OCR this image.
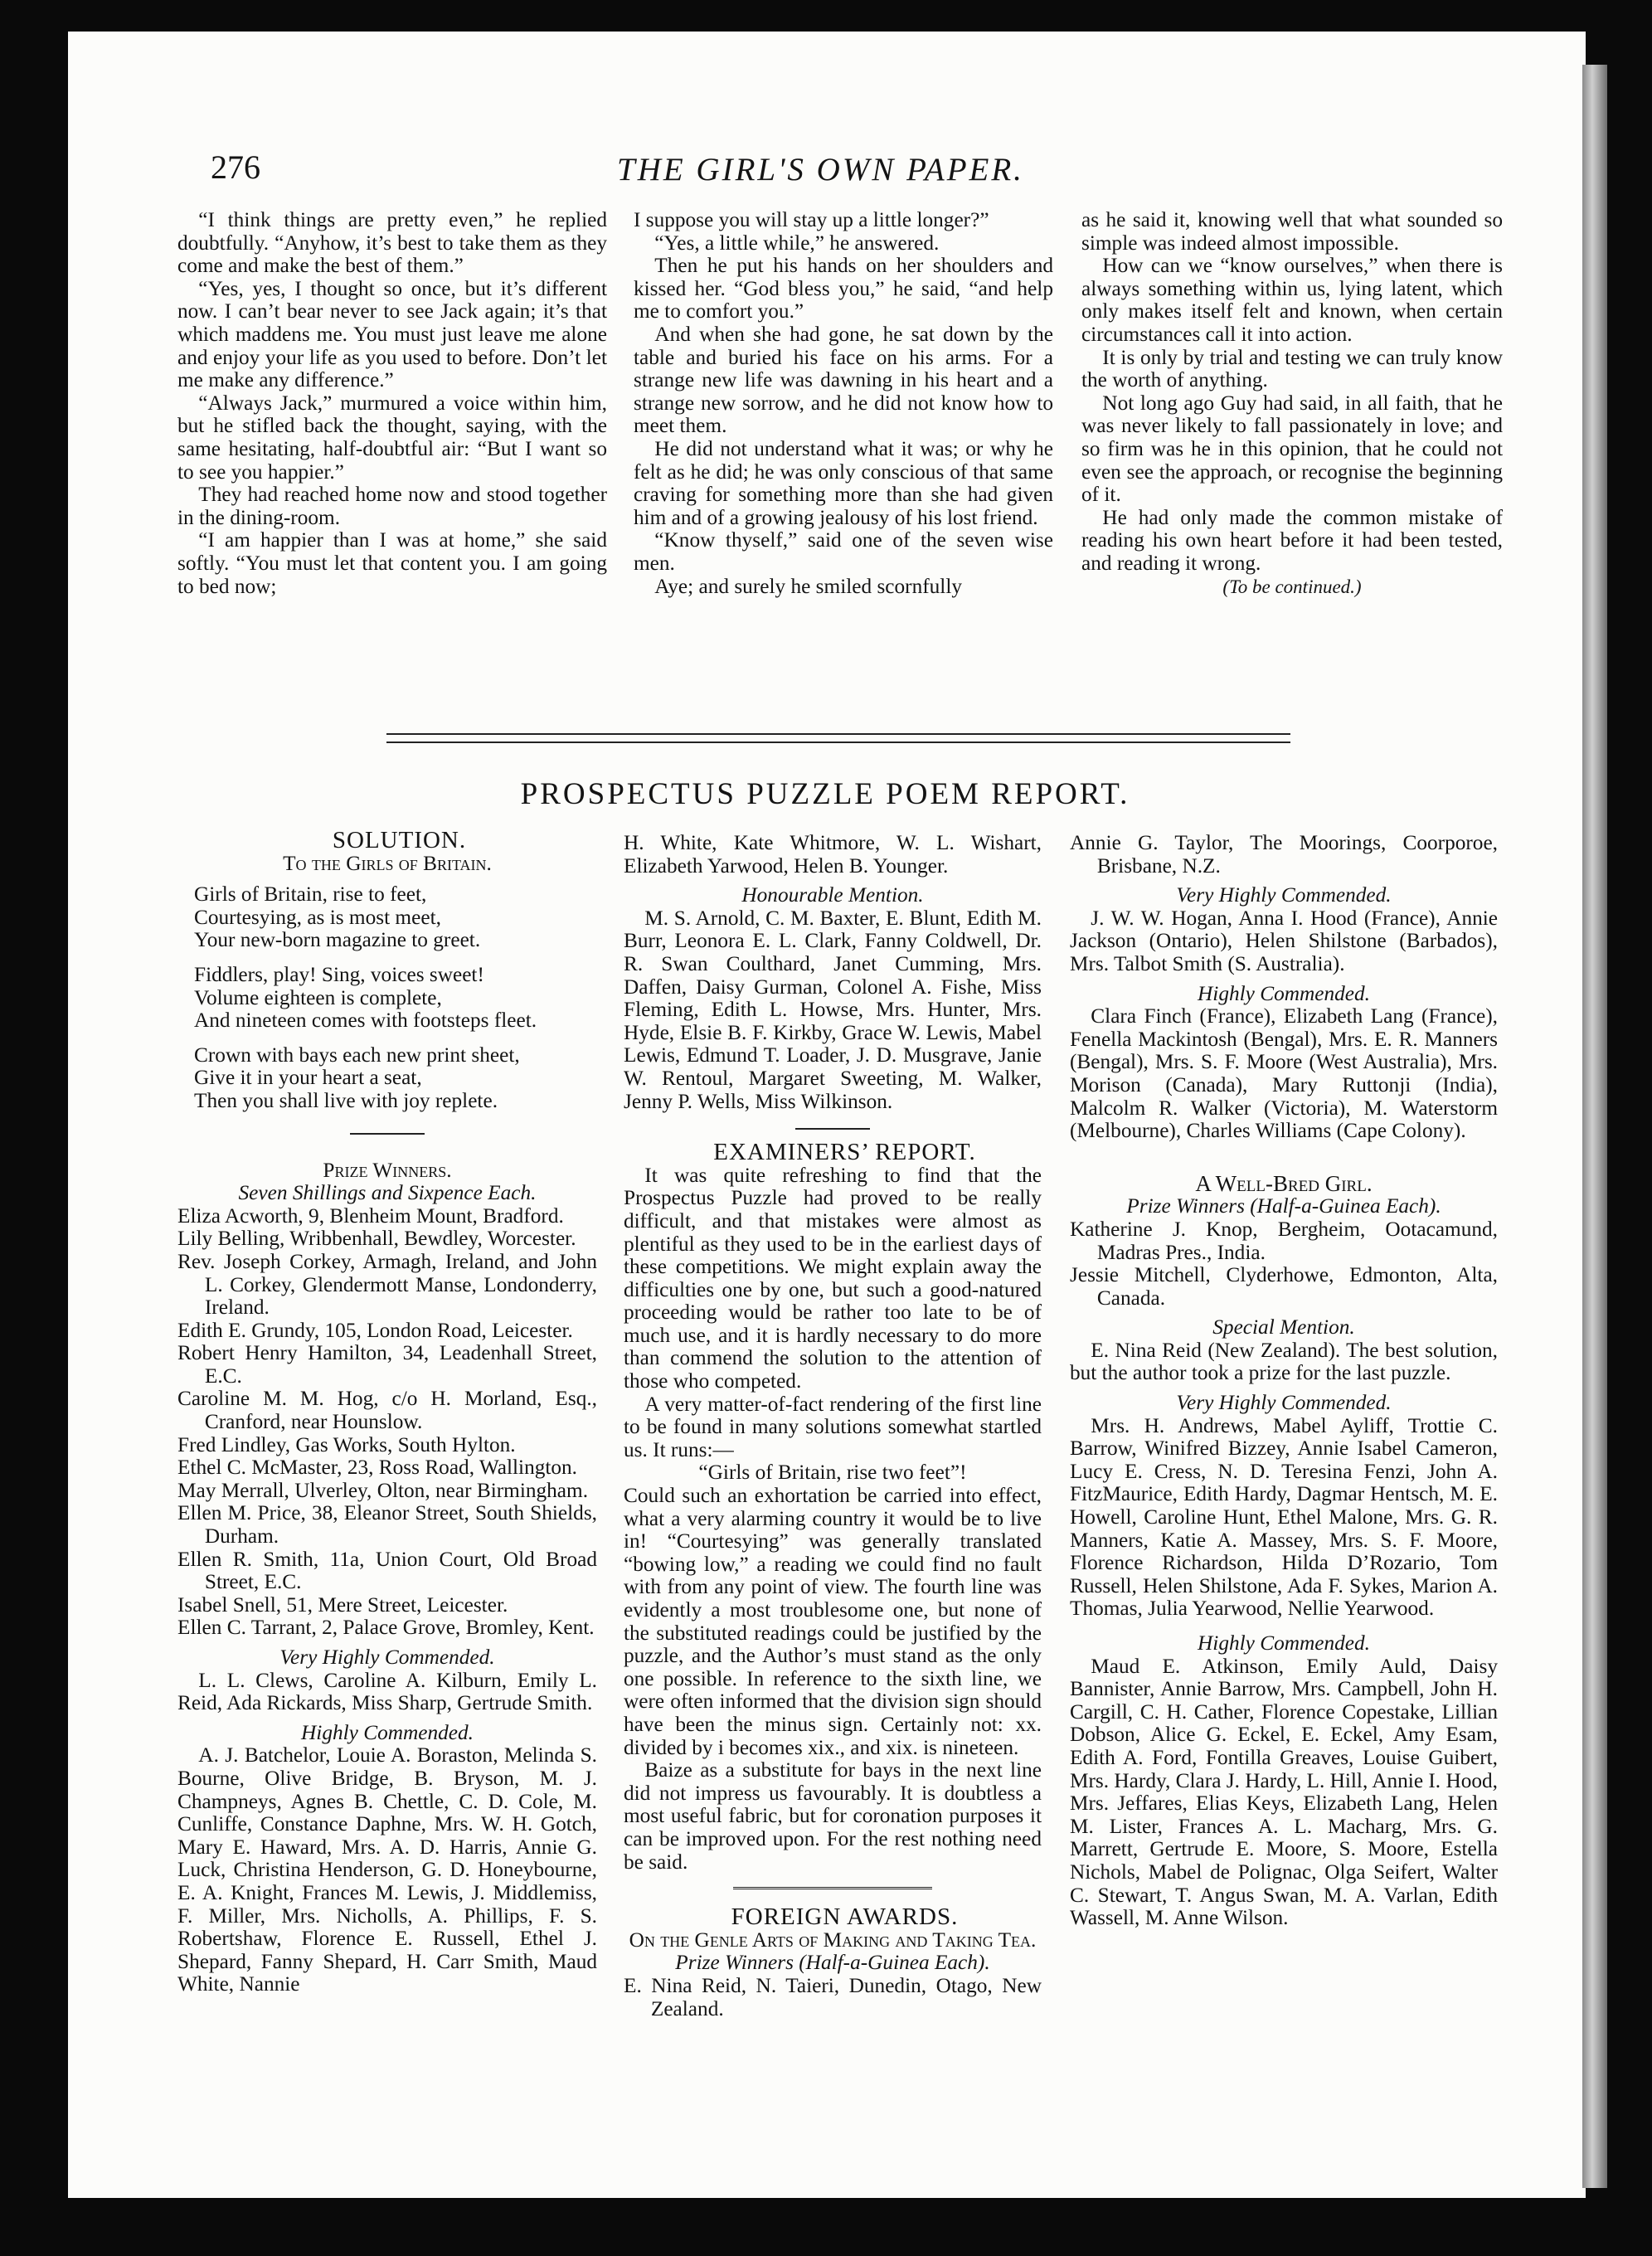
276	THE GIRL'S OWN PAPER.

“I think things are pretty even,” he replied doubtfully. “Anyhow, it’s best to take them as they come and make the best of them.”

“Yes, yes, I thought so once, but it’s different now. I can’t bear never to see Jack again; it’s that which maddens me. You must just leave me alone and enjoy your life as you used to before. Don’t let me make any difference.”

“Always Jack,” murmured a voice within him, but he stifled back the thought, saying, with the same hesitating, half-doubtful air: “But I want so to see you happier.”

They had reached home now and stood together in the dining-room.

“I am happier than I was at home,” she said softly. “You must let that content you. I am going to bed now;

I suppose you will stay up a little longer?”

“Yes, a little while,” he answered.

Then he put his hands on her shoulders and kissed her. “God bless you,” he said, “and help me to comfort you.”

And when she had gone, he sat down by the table and buried his face on his arms. For a strange new life was dawning in his heart and a strange new sorrow, and he did not know how to meet them.

He did not understand what it was; or why he felt as he did; he was only conscious of that same craving for something more than she had given him and of a growing jealousy of his lost friend.

“Know thyself,” said one of the seven wise men.

Aye; and surely he smiled scornfully

as he said it, knowing well that what sounded so simple was indeed almost impossible.

How can we “know ourselves,” when there is always something within us, lying latent, which only makes itself felt and known, when certain circumstances call it into action.

It is only by trial and testing we can truly know the worth of anything.

Not long ago Guy had said, in all faith, that he was never likely to fall passionately in love; and so firm was he in this opinion, that he could not even see the approach, or recognise the beginning of it.

He had only made the common mistake of reading his own heart before it had been tested, and reading it wrong.

(To be continued.)

PROSPECTUS PUZZLE POEM REPORT.

SOLUTION.

To the Girls of Britain.

Girls of Britain, rise to feet,

Courtesying, as is most meet,

Your new-born magazine to greet.

Fiddlers, play! Sing, voices sweet!

Volume eighteen is complete,

And nineteen comes with footsteps fleet.

Crown with bays each new print sheet,

Give it in your heart a seat,

Then you shall live with joy replete.

Prize Winners.

Seven Shillings and Sixpence Each.

Eliza Acworth, 9, Blenheim Mount, Bradford.

Lily Belling, Wribbenhall, Bewdley, Worcester.

Rev. Joseph Corkey, Armagh, Ireland, and John L. Corkey, Glendermott Manse, Londonderry, Ireland.

Edith E. Grundy, 105, London Road, Leicester.

Robert Henry Hamilton, 34, Leadenhall Street, E.C.

Caroline M. M. Hog, c/o H. Morland, Esq., Cranford, near Hounslow.

Fred Lindley, Gas Works, South Hylton.

Ethel C. McMaster, 23, Ross Road, Wallington.

May Merrall, Ulverley, Olton, near Birmingham.

Ellen M. Price, 38, Eleanor Street, South Shields, Durham.

Ellen R. Smith, 11a, Union Court, Old Broad Street, E.C.

Isabel Snell, 51, Mere Street, Leicester.

Ellen C. Tarrant, 2, Palace Grove, Bromley, Kent.

Very Highly Commended.

L. L. Clews, Caroline A. Kilburn, Emily L. Reid, Ada Rickards, Miss Sharp, Gertrude Smith.

Highly Commended.

A. J. Batchelor, Louie A. Boraston, Melinda S. Bourne, Olive Bridge, B. Bryson, M. J. Champneys, Agnes B. Chettle, C. D. Cole, M. Cunliffe, Constance Daphne, Mrs. W. H. Gotch, Mary E. Haward, Mrs. A. D. Harris, Annie G. Luck, Christina Henderson, G. D. Honeybourne, E. A. Knight, Frances M. Lewis, J. Middlemiss, F. Miller, Mrs. Nicholls, A. Phillips, F. S. Robertshaw, Florence E. Russell, Ethel J. Shepard, Fanny Shepard, H. Carr Smith, Maud White, Nannie

H. White, Kate Whitmore, W. L. Wishart, Elizabeth Yarwood, Helen B. Younger.

Honourable Mention.

M. S. Arnold, C. M. Baxter, E. Blunt, Edith M. Burr, Leonora E. L. Clark, Fanny Coldwell, Dr. R. Swan Coulthard, Janet Cumming, Mrs. Daffen, Daisy Gurman, Colonel A. Fishe, Miss Fleming, Edith L. Howse, Mrs. Hunter, Mrs. Hyde, Elsie B. F. Kirkby, Grace W. Lewis, Mabel Lewis, Edmund T. Loader, J. D. Musgrave, Janie W. Rentoul, Margaret Sweeting, M. Walker, Jenny P. Wells, Miss Wilkinson.

EXAMINERS’ REPORT.

It was quite refreshing to find that the Prospectus Puzzle had proved to be really difficult, and that mistakes were almost as plentiful as they used to be in the earliest days of these competitions. We might explain away the difficulties one by one, but such a good-natured proceeding would be rather too late to be of much use, and it is hardly necessary to do more than commend the solution to the attention of those who competed.

A very matter-of-fact rendering of the first line to be found in many solutions somewhat startled us. It runs:—

“Girls of Britain, rise two feet”!

Could such an exhortation be carried into effect, what a very alarming country it would be to live in! “Courtesying” was generally translated “bowing low,” a reading we could find no fault with from any point of view. The fourth line was evidently a most troublesome one, but none of the substituted readings could be justified by the puzzle, and the Author’s must stand as the only one possible. In reference to the sixth line, we were often informed that the division sign should have been the minus sign. Certainly not: xx. divided by i becomes xix., and xix. is nineteen.

Baize as a substitute for bays in the next line did not impress us favourably. It is doubtless a most useful fabric, but for coronation purposes it can be improved upon. For the rest nothing need be said.

FOREIGN AWARDS.

On the Genle Arts of Making and Taking Tea.

Prize Winners (Half-a-Guinea Each).

E. Nina Reid, N. Taieri, Dunedin, Otago, New Zealand.

Annie G. Taylor, The Moorings, Coorporoe, Brisbane, N.Z.

Very Highly Commended.

J. W. W. Hogan, Anna I. Hood (France), Annie Jackson (Ontario), Helen Shilstone (Barbados), Mrs. Talbot Smith (S. Australia).

Highly Commended.

Clara Finch (France), Elizabeth Lang (France), Fenella Mackintosh (Bengal), Mrs. E. R. Manners (Bengal), Mrs. S. F. Moore (West Australia), Mrs. Morison (Canada), Mary Ruttonji (India), Malcolm R. Walker (Victoria), M. Waterstorm (Melbourne), Charles Williams (Cape Colony).

A Well-Bred Girl.

Prize Winners (Half-a-Guinea Each).

Katherine J. Knop, Bergheim, Ootacamund, Madras Pres., India.

Jessie Mitchell, Clyderhowe, Edmonton, Alta, Canada.

Special Mention.

E. Nina Reid (New Zealand). The best solution, but the author took a prize for the last puzzle.

Very Highly Commended.

Mrs. H. Andrews, Mabel Ayliff, Trottie C. Barrow, Winifred Bizzey, Annie Isabel Cameron, Lucy E. Cress, N. D. Teresina Fenzi, John A. FitzMaurice, Edith Hardy, Dagmar Hentsch, M. E. Howell, Caroline Hunt, Ethel Malone, Mrs. G. R. Manners, Katie A. Massey, Mrs. S. F. Moore, Florence Richardson, Hilda D’Rozario, Tom Russell, Helen Shilstone, Ada F. Sykes, Marion A. Thomas, Julia Yearwood, Nellie Yearwood.

Highly Commended.

Maud E. Atkinson, Emily Auld, Daisy Bannister, Annie Barrow, Mrs. Campbell, John H. Cargill, C. H. Cather, Florence Copestake, Lillian Dobson, Alice G. Eckel, E. Eckel, Amy Esam, Edith A. Ford, Fontilla Greaves, Louise Guibert, Mrs. Hardy, Clara J. Hardy, L. Hill, Annie I. Hood, Mrs. Jeffares, Elias Keys, Elizabeth Lang, Helen M. Lister, Frances A. L. Macharg, Mrs. G. Marrett, Gertrude E. Moore, S. Moore, Estella Nichols, Mabel de Polignac, Olga Seifert, Walter C. Stewart, T. Angus Swan, M. A. Varlan, Edith Wassell, M. Anne Wilson.
